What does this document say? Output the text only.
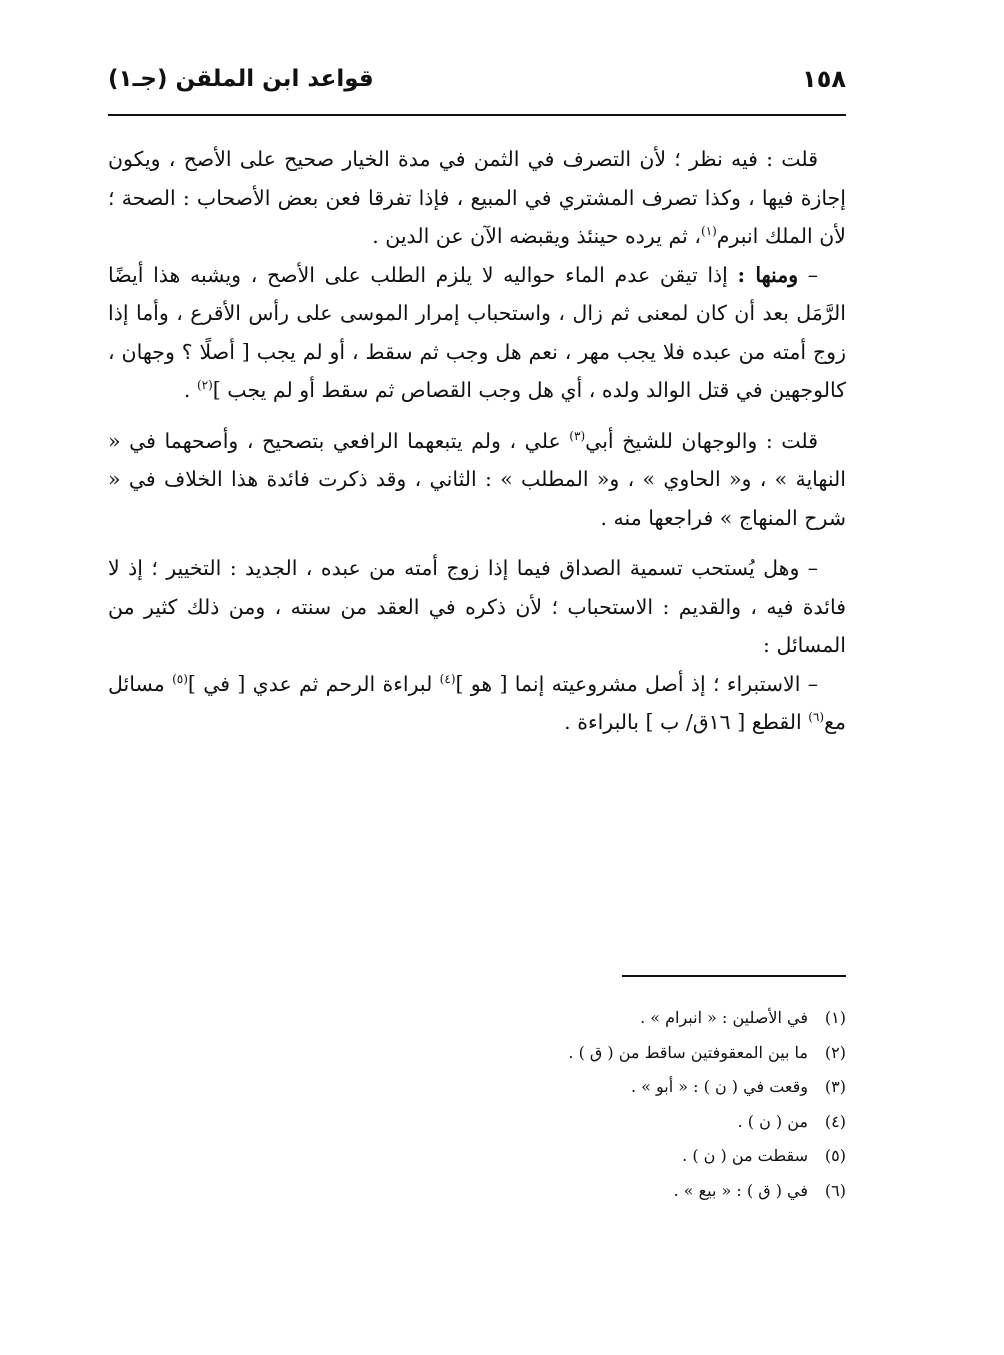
قواعد ابن الملقن (جـ١)	١٥٨

قلت : فيه نظر ؛ لأن التصرف في الثمن في مدة الخيار صحيح على الأصح ، ويكون إجازة فيها ، وكذا تصرف المشتري في المبيع ، فإذا تفرقا فعن بعض الأصحاب : الصحة ؛ لأن الملك انبرم$^{(١)}$، ثم يرده حينئذ ويقبضه الآن عن الدين .

– ومنها : إذا تيقن عدم الماء حواليه لا يلزم الطلب على الأصح ، ويشبه هذا أيضًا الرَّمَل بعد أن كان لمعنى ثم زال ، واستحباب إمرار الموسى على رأس الأقرع ، وأما إذا زوج أمته من عبده فلا يجب مهر ، نعم هل وجب ثم سقط ، أو لم يجب [ أصلًا ؟ وجهان ، كالوجهين في قتل الوالد ولده ، أي هل وجب القصاص ثم سقط أو لم يجب ]$^{(٢)}$ .

قلت : والوجهان للشيخ أبي$^{(٣)}$ علي ، ولم يتبعهما الرافعي بتصحيح ، وأصحهما في « النهاية » ، و« الحاوي » ، و« المطلب » : الثاني ، وقد ذكرت فائدة هذا الخلاف في « شرح المنهاج » فراجعها منه .

– وهل يُستحب تسمية الصداق فيما إذا زوج أمته من عبده ، الجديد : التخيير ؛ إذ لا فائدة فيه ، والقديم : الاستحباب ؛ لأن ذكره في العقد من سنته ، ومن ذلك كثير من المسائل :

– الاستبراء ؛ إذ أصل مشروعيته إنما [ هو ]$^{(٤)}$ لبراءة الرحم ثم عدي [ في ]$^{(٥)}$ مسائل مع$^{(٦)}$ القطع [ ١٦ق/ ب ] بالبراءة .

(١)في الأصلين : « انبرام » .
(٢)ما بين المعقوفتين ساقط من ( ق ) .
(٣)وقعت في ( ن ) : « أبو » .
(٤)من ( ن ) .
(٥)سقطت من ( ن ) .
(٦)في ( ق ) : « بيع » .
